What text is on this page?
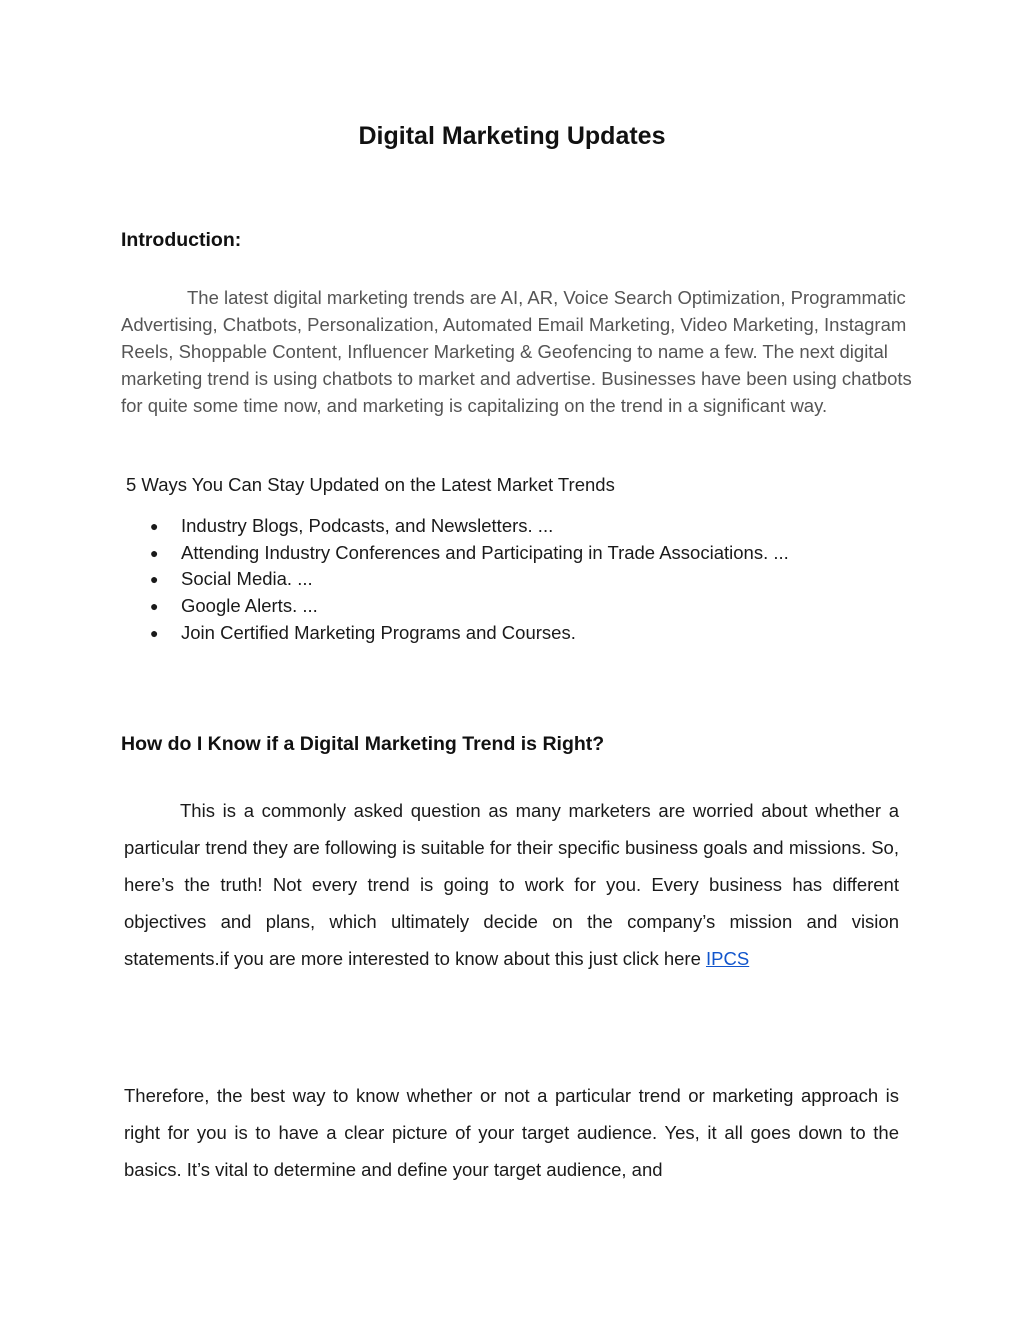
Digital Marketing Updates
Introduction:

The latest digital marketing trends are AI, AR, Voice Search Optimization, Programmatic Advertising, Chatbots, Personalization, Automated Email Marketing, Video Marketing, Instagram Reels, Shoppable Content, Influencer Marketing & Geofencing to name a few. The next digital marketing trend is using chatbots to market and advertise. Businesses have been using chatbots for quite some time now, and marketing is capitalizing on the trend in a significant way.

5 Ways You Can Stay Updated on the Latest Market Trends
● Industry Blogs, Podcasts, and Newsletters. ...
● Attending Industry Conferences and Participating in Trade Associations. ...
● Social Media. ...
● Google Alerts. ...
● Join Certified Marketing Programs and Courses.
How do I Know if a Digital Marketing Trend is Right?

This is a commonly asked question as many marketers are worried about whether a particular trend they are following is suitable for their specific business goals and missions. So, here’s the truth! Not every trend is going to work for you. Every business has different objectives and plans, which ultimately decide on the company’s mission and vision statements.if you are more interested to know about this just click here IPCS

Therefore, the best way to know whether or not a particular trend or marketing approach is right for you is to have a clear picture of your target audience. Yes, it all goes down to the basics. It’s vital to determine and define your target audience, and
